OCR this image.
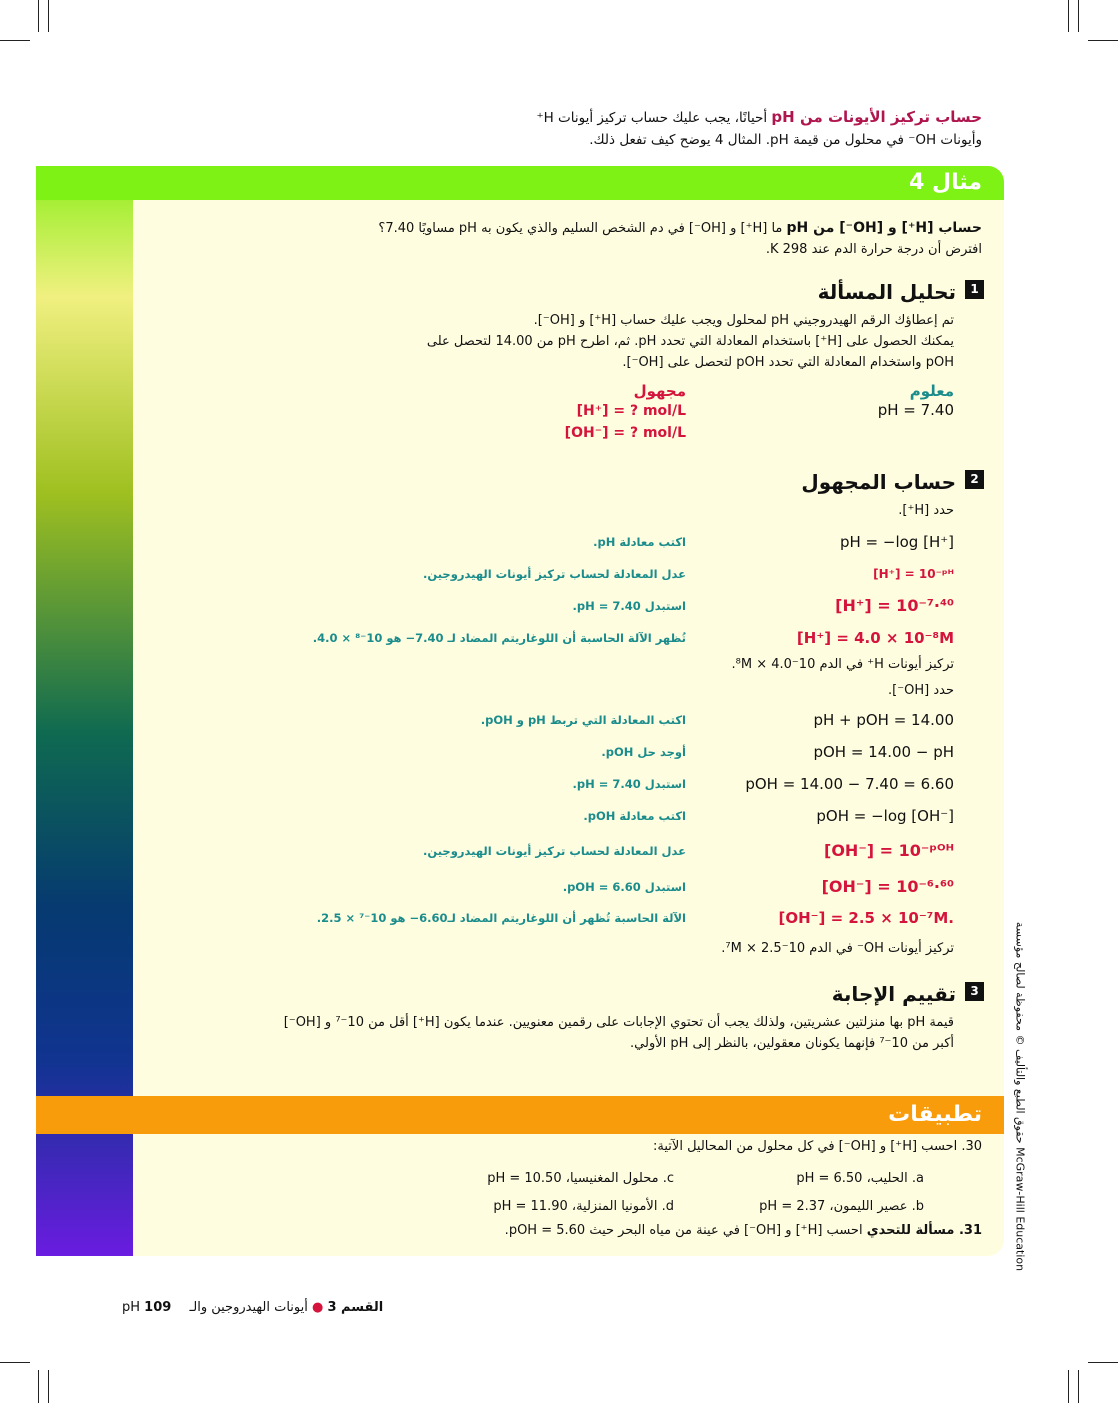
حساب تركيز الأيونات من pH أحيانًا، يجب عليك حساب تركيز أيونات H⁺
وأيونات OH⁻ في محلول من قيمة pH. المثال 4 يوضح كيف تفعل ذلك.
مثال 4
حساب [H⁺] و [OH⁻] من pH ما [H⁺] و [OH⁻] في دم الشخص السليم والذي يكون به pH مساويًا 7.40؟
افترض أن درجة حرارة الدم عند 298 K.
1
تحليل المسألة
تم إعطاؤك الرقم الهيدروجيني pH لمحلول ويجب عليك حساب [H⁺] و [OH⁻].
يمكنك الحصول على [H⁺] باستخدام المعادلة التي تحدد pH. ثم، اطرح pH من 14.00 لتحصل على
pOH واستخدام المعادلة التي تحدد pOH لتحصل على [OH⁻].
معلوم
pH = 7.40
مجهول
[H⁺] = ? mol/L
[OH⁻] = ? mol/L
2
حساب المجهول
حدد [H⁺].
اكتب معادلة pH.	pH = −log [H⁺]
عدل المعادلة لحساب تركيز أيونات الهيدروجين.	[H⁺] = 10⁻ᵖᴴ
استبدل pH = 7.40.	[H⁺] = 10⁻⁷·⁴⁰
تُظهر الآلة الحاسبة أن اللوغاريتم المضاد لـ 7.40− هو 10⁻⁸ × 4.0.	[H⁺] = 4.0 × 10⁻⁸M
تركيز أيونات H⁺ في الدم 10⁻⁸M × 4.0.
حدد [OH⁻].
اكتب المعادلة التي تربط pH و pOH.	pH + pOH = 14.00
أوجد حل pOH.	pOH = 14.00 − pH
استبدل pH = 7.40.	pOH = 14.00 − 7.40 = 6.60
اكتب معادلة pOH.	pOH = −log [OH⁻]
عدل المعادلة لحساب تركيز أيونات الهيدروجين.	[OH⁻] = 10⁻ᵖᴼᴴ
استبدل pOH = 6.60.	[OH⁻] = 10⁻⁶·⁶⁰
الآلة الحاسبة تُظهر أن اللوغاريتم المضاد لـ6.60− هو 10⁻⁷ × 2.5.	[OH⁻] = 2.5 × 10⁻⁷M.
تركيز أيونات OH⁻ في الدم 10⁻⁷M × 2.5.
3
تقييم الإجابة
قيمة pH بها منزلتين عشريتين، ولذلك يجب أن تحتوي الإجابات على رقمين معنويين. عندما يكون [H⁺] أقل من 10⁻⁷ و [OH⁻]
أكبر من 10⁻⁷ فإنهما يكونان معقولين، بالنظر إلى pH الأولي.
تطبيقات
30. احسب [H⁺] و [OH⁻] في كل محلول من المحاليل الآتية:
a. الحليب، pH = 6.50
c. محلول المغنيسيا، pH = 10.50
b. عصير الليمون، pH = 2.37
d. الأمونيا المنزلية، pH = 11.90
31. مسألة للتحدي احسب [H⁺] و [OH⁻] في عينة من مياه البحر حيث pOH = 5.60.
حقوق الطبع والتأليف © محفوظة لصالح مؤسسة McGraw-Hill Education
القسم 3 ● أيونات الهيدروجين والـ pH 109
